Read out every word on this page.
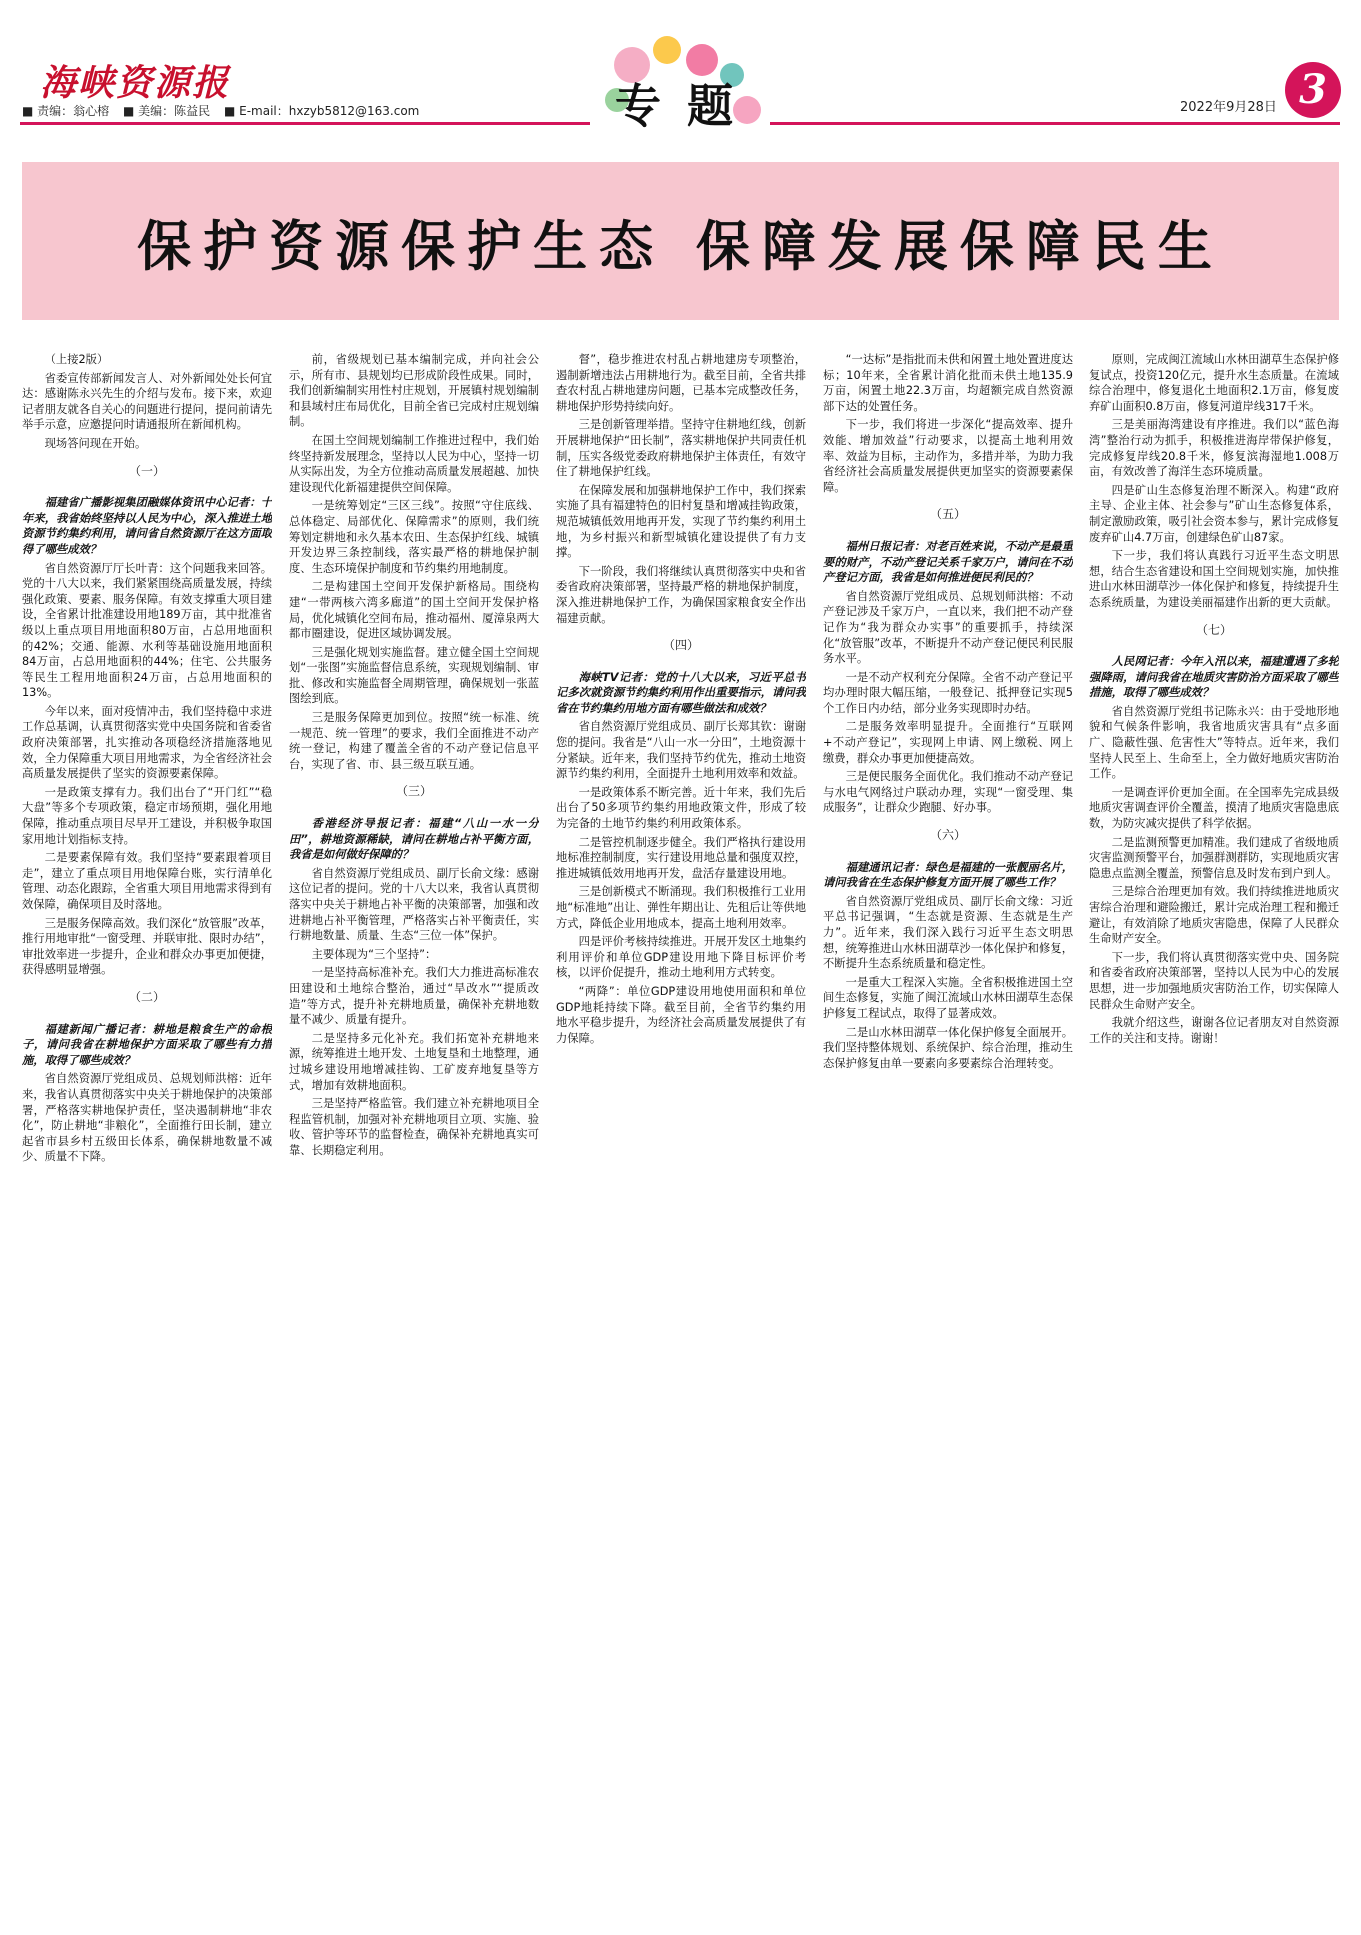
海峡资源报
■ 责编：翁心榕 ■ 美编：陈益民 ■ E-mail：hxzyb5812@163.com	专题	2022年9月28日 3
保护资源保护生态 保障发展保障民生

（上接2版）

省委宣传部新闻发言人、对外新闻处处长何宜达：感谢陈永兴先生的介绍与发布。接下来，欢迎记者朋友就各自关心的问题进行提问，提问前请先举手示意，应邀提问时请通报所在新闻机构。

现场答问现在开始。

（一）

福建省广播影视集团融媒体资讯中心记者：十年来，我省始终坚持以人民为中心，深入推进土地资源节约集约利用，请问省自然资源厅在这方面取得了哪些成效？

省自然资源厅厅长叶青：这个问题我来回答。党的十八大以来，我们紧紧围绕高质量发展，持续强化政策、要素、服务保障。有效支撑重大项目建设，全省累计批准建设用地189万亩，其中批准省级以上重点项目用地面积80万亩，占总用地面积的42%；交通、能源、水利等基础设施用地面积84万亩，占总用地面积的44%；住宅、公共服务等民生工程用地面积24万亩，占总用地面积的13%。

今年以来，面对疫情冲击，我们坚持稳中求进工作总基调，认真贯彻落实党中央国务院和省委省政府决策部署，扎实推动各项稳经济措施落地见效，全力保障重大项目用地需求，为全省经济社会高质量发展提供了坚实的资源要素保障。

一是政策支撑有力。我们出台了“开门红”“稳大盘”等多个专项政策，稳定市场预期，强化用地保障，推动重点项目尽早开工建设，并积极争取国家用地计划指标支持。

二是要素保障有效。我们坚持“要素跟着项目走”，建立了重点项目用地保障台账，实行清单化管理、动态化跟踪，全省重大项目用地需求得到有效保障，确保项目及时落地。

三是服务保障高效。我们深化“放管服”改革，推行用地审批“一窗受理、并联审批、限时办结”，审批效率进一步提升，企业和群众办事更加便捷，获得感明显增强。

（二）

福建新闻广播记者：耕地是粮食生产的命根子，请问我省在耕地保护方面采取了哪些有力措施，取得了哪些成效？

省自然资源厅党组成员、总规划师洪榕：近年来，我省认真贯彻落实中央关于耕地保护的决策部署，严格落实耕地保护责任，坚决遏制耕地“非农化”，防止耕地“非粮化”，全面推行田长制，建立起省市县乡村五级田长体系，确保耕地数量不减少、质量不下降。

前，省级规划已基本编制完成，并向社会公示，所有市、县规划均已形成阶段性成果。同时，我们创新编制实用性村庄规划，开展镇村规划编制和县域村庄布局优化，目前全省已完成村庄规划编制。

在国土空间规划编制工作推进过程中，我们始终坚持新发展理念，坚持以人民为中心，坚持一切从实际出发，为全方位推动高质量发展超越、加快建设现代化新福建提供空间保障。

一是统筹划定“三区三线”。按照“守住底线、总体稳定、局部优化、保障需求”的原则，我们统筹划定耕地和永久基本农田、生态保护红线、城镇开发边界三条控制线，落实最严格的耕地保护制度、生态环境保护制度和节约集约用地制度。

二是构建国土空间开发保护新格局。围绕构建“一带两核六湾多廊道”的国土空间开发保护格局，优化城镇化空间布局，推动福州、厦漳泉两大都市圈建设，促进区域协调发展。

三是强化规划实施监督。建立健全国土空间规划“一张图”实施监督信息系统，实现规划编制、审批、修改和实施监督全周期管理，确保规划一张蓝图绘到底。

三是服务保障更加到位。按照“统一标准、统一规范、统一管理”的要求，我们全面推进不动产统一登记，构建了覆盖全省的不动产登记信息平台，实现了省、市、县三级互联互通。

（三）

香港经济导报记者：福建“八山一水一分田”，耕地资源稀缺，请问在耕地占补平衡方面，我省是如何做好保障的？

省自然资源厅党组成员、副厅长俞文缘：感谢这位记者的提问。党的十八大以来，我省认真贯彻落实中央关于耕地占补平衡的决策部署，加强和改进耕地占补平衡管理，严格落实占补平衡责任，实行耕地数量、质量、生态“三位一体”保护。

主要体现为“三个坚持”：

一是坚持高标准补充。我们大力推进高标准农田建设和土地综合整治，通过“旱改水”“提质改造”等方式，提升补充耕地质量，确保补充耕地数量不减少、质量有提升。

二是坚持多元化补充。我们拓宽补充耕地来源，统筹推进土地开发、土地复垦和土地整理，通过城乡建设用地增减挂钩、工矿废弃地复垦等方式，增加有效耕地面积。

三是坚持严格监管。我们建立补充耕地项目全程监管机制，加强对补充耕地项目立项、实施、验收、管护等环节的监督检查，确保补充耕地真实可靠、长期稳定利用。

督”，稳步推进农村乱占耕地建房专项整治，遏制新增违法占用耕地行为。截至目前，全省共排查农村乱占耕地建房问题，已基本完成整改任务，耕地保护形势持续向好。

三是创新管理举措。坚持守住耕地红线，创新开展耕地保护“田长制”，落实耕地保护共同责任机制，压实各级党委政府耕地保护主体责任，有效守住了耕地保护红线。

在保障发展和加强耕地保护工作中，我们探索实施了具有福建特色的旧村复垦和增减挂钩政策，规范城镇低效用地再开发，实现了节约集约利用土地，为乡村振兴和新型城镇化建设提供了有力支撑。

下一阶段，我们将继续认真贯彻落实中央和省委省政府决策部署，坚持最严格的耕地保护制度，深入推进耕地保护工作，为确保国家粮食安全作出福建贡献。

（四）

海峡TV记者：党的十八大以来，习近平总书记多次就资源节约集约利用作出重要指示，请问我省在节约集约用地方面有哪些做法和成效？

省自然资源厅党组成员、副厅长郑其钦：谢谢您的提问。我省是“八山一水一分田”，土地资源十分紧缺。近年来，我们坚持节约优先，推动土地资源节约集约利用，全面提升土地利用效率和效益。

一是政策体系不断完善。近十年来，我们先后出台了50多项节约集约用地政策文件，形成了较为完备的土地节约集约利用政策体系。

二是管控机制逐步健全。我们严格执行建设用地标准控制制度，实行建设用地总量和强度双控，推进城镇低效用地再开发，盘活存量建设用地。

三是创新模式不断涌现。我们积极推行工业用地“标准地”出让、弹性年期出让、先租后让等供地方式，降低企业用地成本，提高土地利用效率。

四是评价考核持续推进。开展开发区土地集约利用评价和单位GDP建设用地下降目标评价考核，以评价促提升，推动土地利用方式转变。

“两降”：单位GDP建设用地使用面积和单位GDP地耗持续下降。截至目前，全省节约集约用地水平稳步提升，为经济社会高质量发展提供了有力保障。

“一达标”是指批而未供和闲置土地处置进度达标；10年来，全省累计消化批而未供土地135.9万亩，闲置土地22.3万亩，均超额完成自然资源部下达的处置任务。

下一步，我们将进一步深化“提高效率、提升效能、增加效益”行动要求，以提高土地利用效率、效益为目标，主动作为，多措并举，为助力我省经济社会高质量发展提供更加坚实的资源要素保障。

（五）

福州日报记者：对老百姓来说，不动产是最重要的财产，不动产登记关系千家万户，请问在不动产登记方面，我省是如何推进便民利民的？

省自然资源厅党组成员、总规划师洪榕：不动产登记涉及千家万户，一直以来，我们把不动产登记作为“我为群众办实事”的重要抓手，持续深化“放管服”改革，不断提升不动产登记便民利民服务水平。

一是不动产权利充分保障。全省不动产登记平均办理时限大幅压缩，一般登记、抵押登记实现5个工作日内办结，部分业务实现即时办结。

二是服务效率明显提升。全面推行“互联网+不动产登记”，实现网上申请、网上缴税、网上缴费，群众办事更加便捷高效。

三是便民服务全面优化。我们推动不动产登记与水电气网络过户联动办理，实现“一窗受理、集成服务”，让群众少跑腿、好办事。

（六）

福建通讯记者：绿色是福建的一张靓丽名片，请问我省在生态保护修复方面开展了哪些工作？

省自然资源厅党组成员、副厅长俞文缘：习近平总书记强调，“生态就是资源、生态就是生产力”。近年来，我们深入践行习近平生态文明思想，统筹推进山水林田湖草沙一体化保护和修复，不断提升生态系统质量和稳定性。

一是重大工程深入实施。全省积极推进国土空间生态修复，实施了闽江流域山水林田湖草生态保护修复工程试点，取得了显著成效。

二是山水林田湖草一体化保护修复全面展开。我们坚持整体规划、系统保护、综合治理，推动生态保护修复由单一要素向多要素综合治理转变。

原则，完成闽江流域山水林田湖草生态保护修复试点，投资120亿元，提升水生态质量。在流域综合治理中，修复退化土地面积2.1万亩，修复废弃矿山面积0.8万亩，修复河道岸线317千米。

三是美丽海湾建设有序推进。我们以“蓝色海湾”整治行动为抓手，积极推进海岸带保护修复，完成修复岸线20.8千米，修复滨海湿地1.008万亩，有效改善了海洋生态环境质量。

四是矿山生态修复治理不断深入。构建“政府主导、企业主体、社会参与”矿山生态修复体系，制定激励政策，吸引社会资本参与，累计完成修复废弃矿山4.7万亩，创建绿色矿山87家。

下一步，我们将认真践行习近平生态文明思想，结合生态省建设和国土空间规划实施，加快推进山水林田湖草沙一体化保护和修复，持续提升生态系统质量，为建设美丽福建作出新的更大贡献。

（七）

人民网记者：今年入汛以来，福建遭遇了多轮强降雨，请问我省在地质灾害防治方面采取了哪些措施，取得了哪些成效？

省自然资源厅党组书记陈永兴：由于受地形地貌和气候条件影响，我省地质灾害具有“点多面广、隐蔽性强、危害性大”等特点。近年来，我们坚持人民至上、生命至上，全力做好地质灾害防治工作。

一是调查评价更加全面。在全国率先完成县级地质灾害调查评价全覆盖，摸清了地质灾害隐患底数，为防灾减灾提供了科学依据。

二是监测预警更加精准。我们建成了省级地质灾害监测预警平台，加强群测群防，实现地质灾害隐患点监测全覆盖，预警信息及时发布到户到人。

三是综合治理更加有效。我们持续推进地质灾害综合治理和避险搬迁，累计完成治理工程和搬迁避让，有效消除了地质灾害隐患，保障了人民群众生命财产安全。

下一步，我们将认真贯彻落实党中央、国务院和省委省政府决策部署，坚持以人民为中心的发展思想，进一步加强地质灾害防治工作，切实保障人民群众生命财产安全。

我就介绍这些，谢谢各位记者朋友对自然资源工作的关注和支持。谢谢！
